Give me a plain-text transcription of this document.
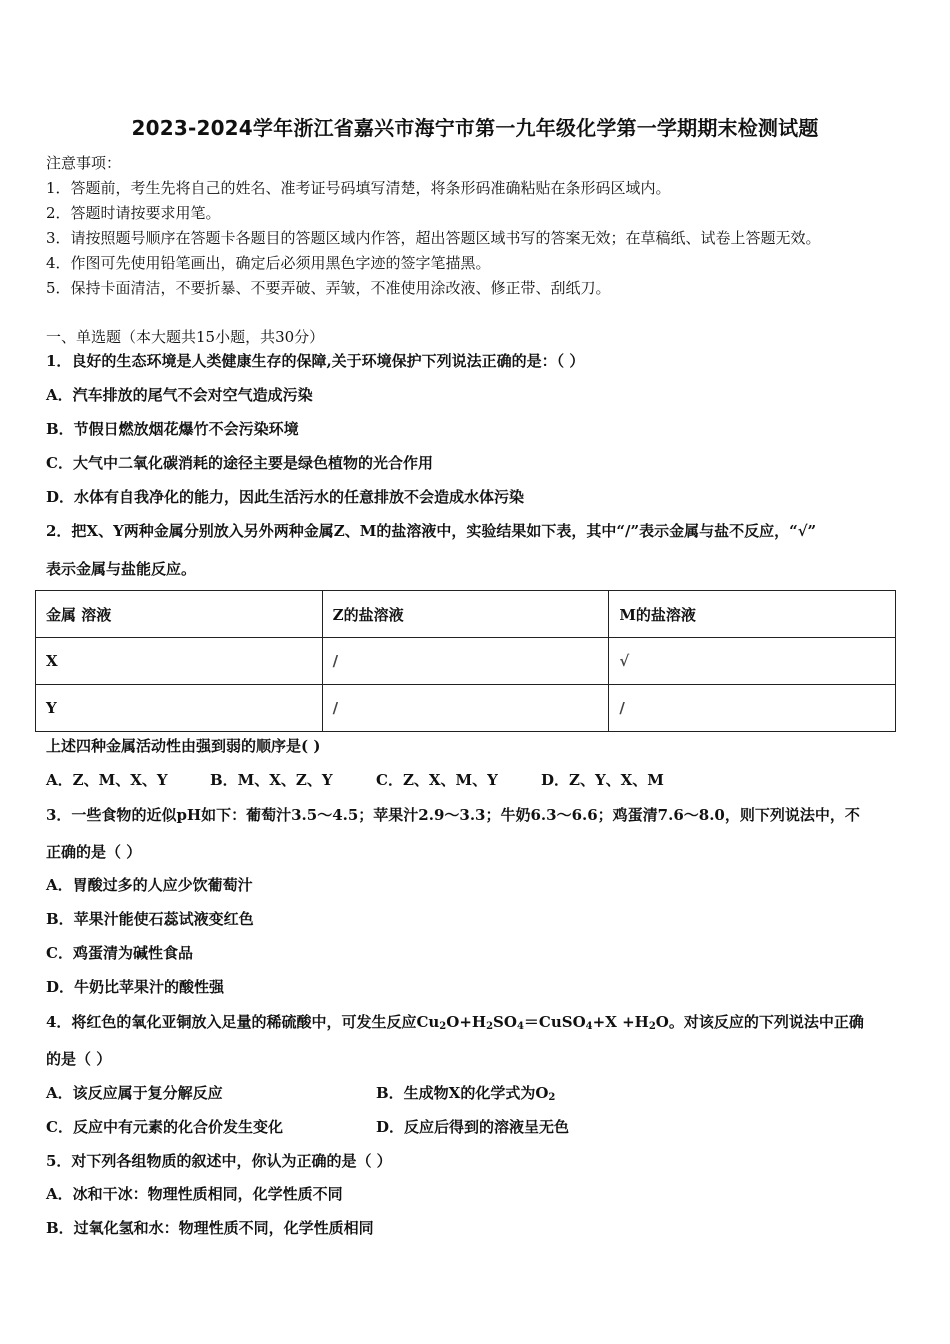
2023-2024学年浙江省嘉兴市海宁市第一九年级化学第一学期期末检测试题
注意事项：
1．答题前，考生先将自己的姓名、准考证号码填写清楚，将条形码准确粘贴在条形码区域内。
2．答题时请按要求用笔。
3．请按照题号顺序在答题卡各题目的答题区域内作答，超出答题区域书写的答案无效；在草稿纸、试卷上答题无效。
4．作图可先使用铅笔画出，确定后必须用黑色字迹的签字笔描黑。
5．保持卡面清洁，不要折暴、不要弄破、弄皱，不准使用涂改液、修正带、刮纸刀。
一、单选题（本大题共15小题，共30分）
1．良好的生态环境是人类健康生存的保障,关于环境保护下列说法正确的是：（ ）
A．汽车排放的尾气不会对空气造成污染
B．节假日燃放烟花爆竹不会污染环境
C．大气中二氧化碳消耗的途径主要是绿色植物的光合作用
D．水体有自我净化的能力，因此生活污水的任意排放不会造成水体污染
2．把X、Y两种金属分别放入另外两种金属Z、M的盐溶液中，实验结果如下表，其中“/”表示金属与盐不反应，“√”
表示金属与盐能反应。
金属 溶液	Z的盐溶液	M的盐溶液
X	/	√
Y	/	/
上述四种金属活动性由强到弱的顺序是( )
A．Z、M、X、Y	B．M、X、Z、Y	C．Z、X、M、Y	D．Z、Y、X、M
3．一些食物的近似pH如下：葡萄汁3.5～4.5；苹果汁2.9～3.3；牛奶6.3～6.6；鸡蛋清7.6～8.0，则下列说法中，不
正确的是（ ）
A．胃酸过多的人应少饮葡萄汁
B．苹果汁能使石蕊试液变红色
C．鸡蛋清为碱性食品
D．牛奶比苹果汁的酸性强
4．将红色的氧化亚铜放入足量的稀硫酸中，可发生反应$Cu_2O+H_2SO_4=CuSO_4+X +H_2O$。对该反应的下列说法中正确
的是（ ）
A．该反应属于复分解反应	B．生成物X的化学式为$O_2$
C．反应中有元素的化合价发生变化	D．反应后得到的溶液呈无色
5．对下列各组物质的叙述中，你认为正确的是（ ）
A．冰和干冰：物理性质相同，化学性质不同
B．过氧化氢和水：物理性质不同，化学性质相同
